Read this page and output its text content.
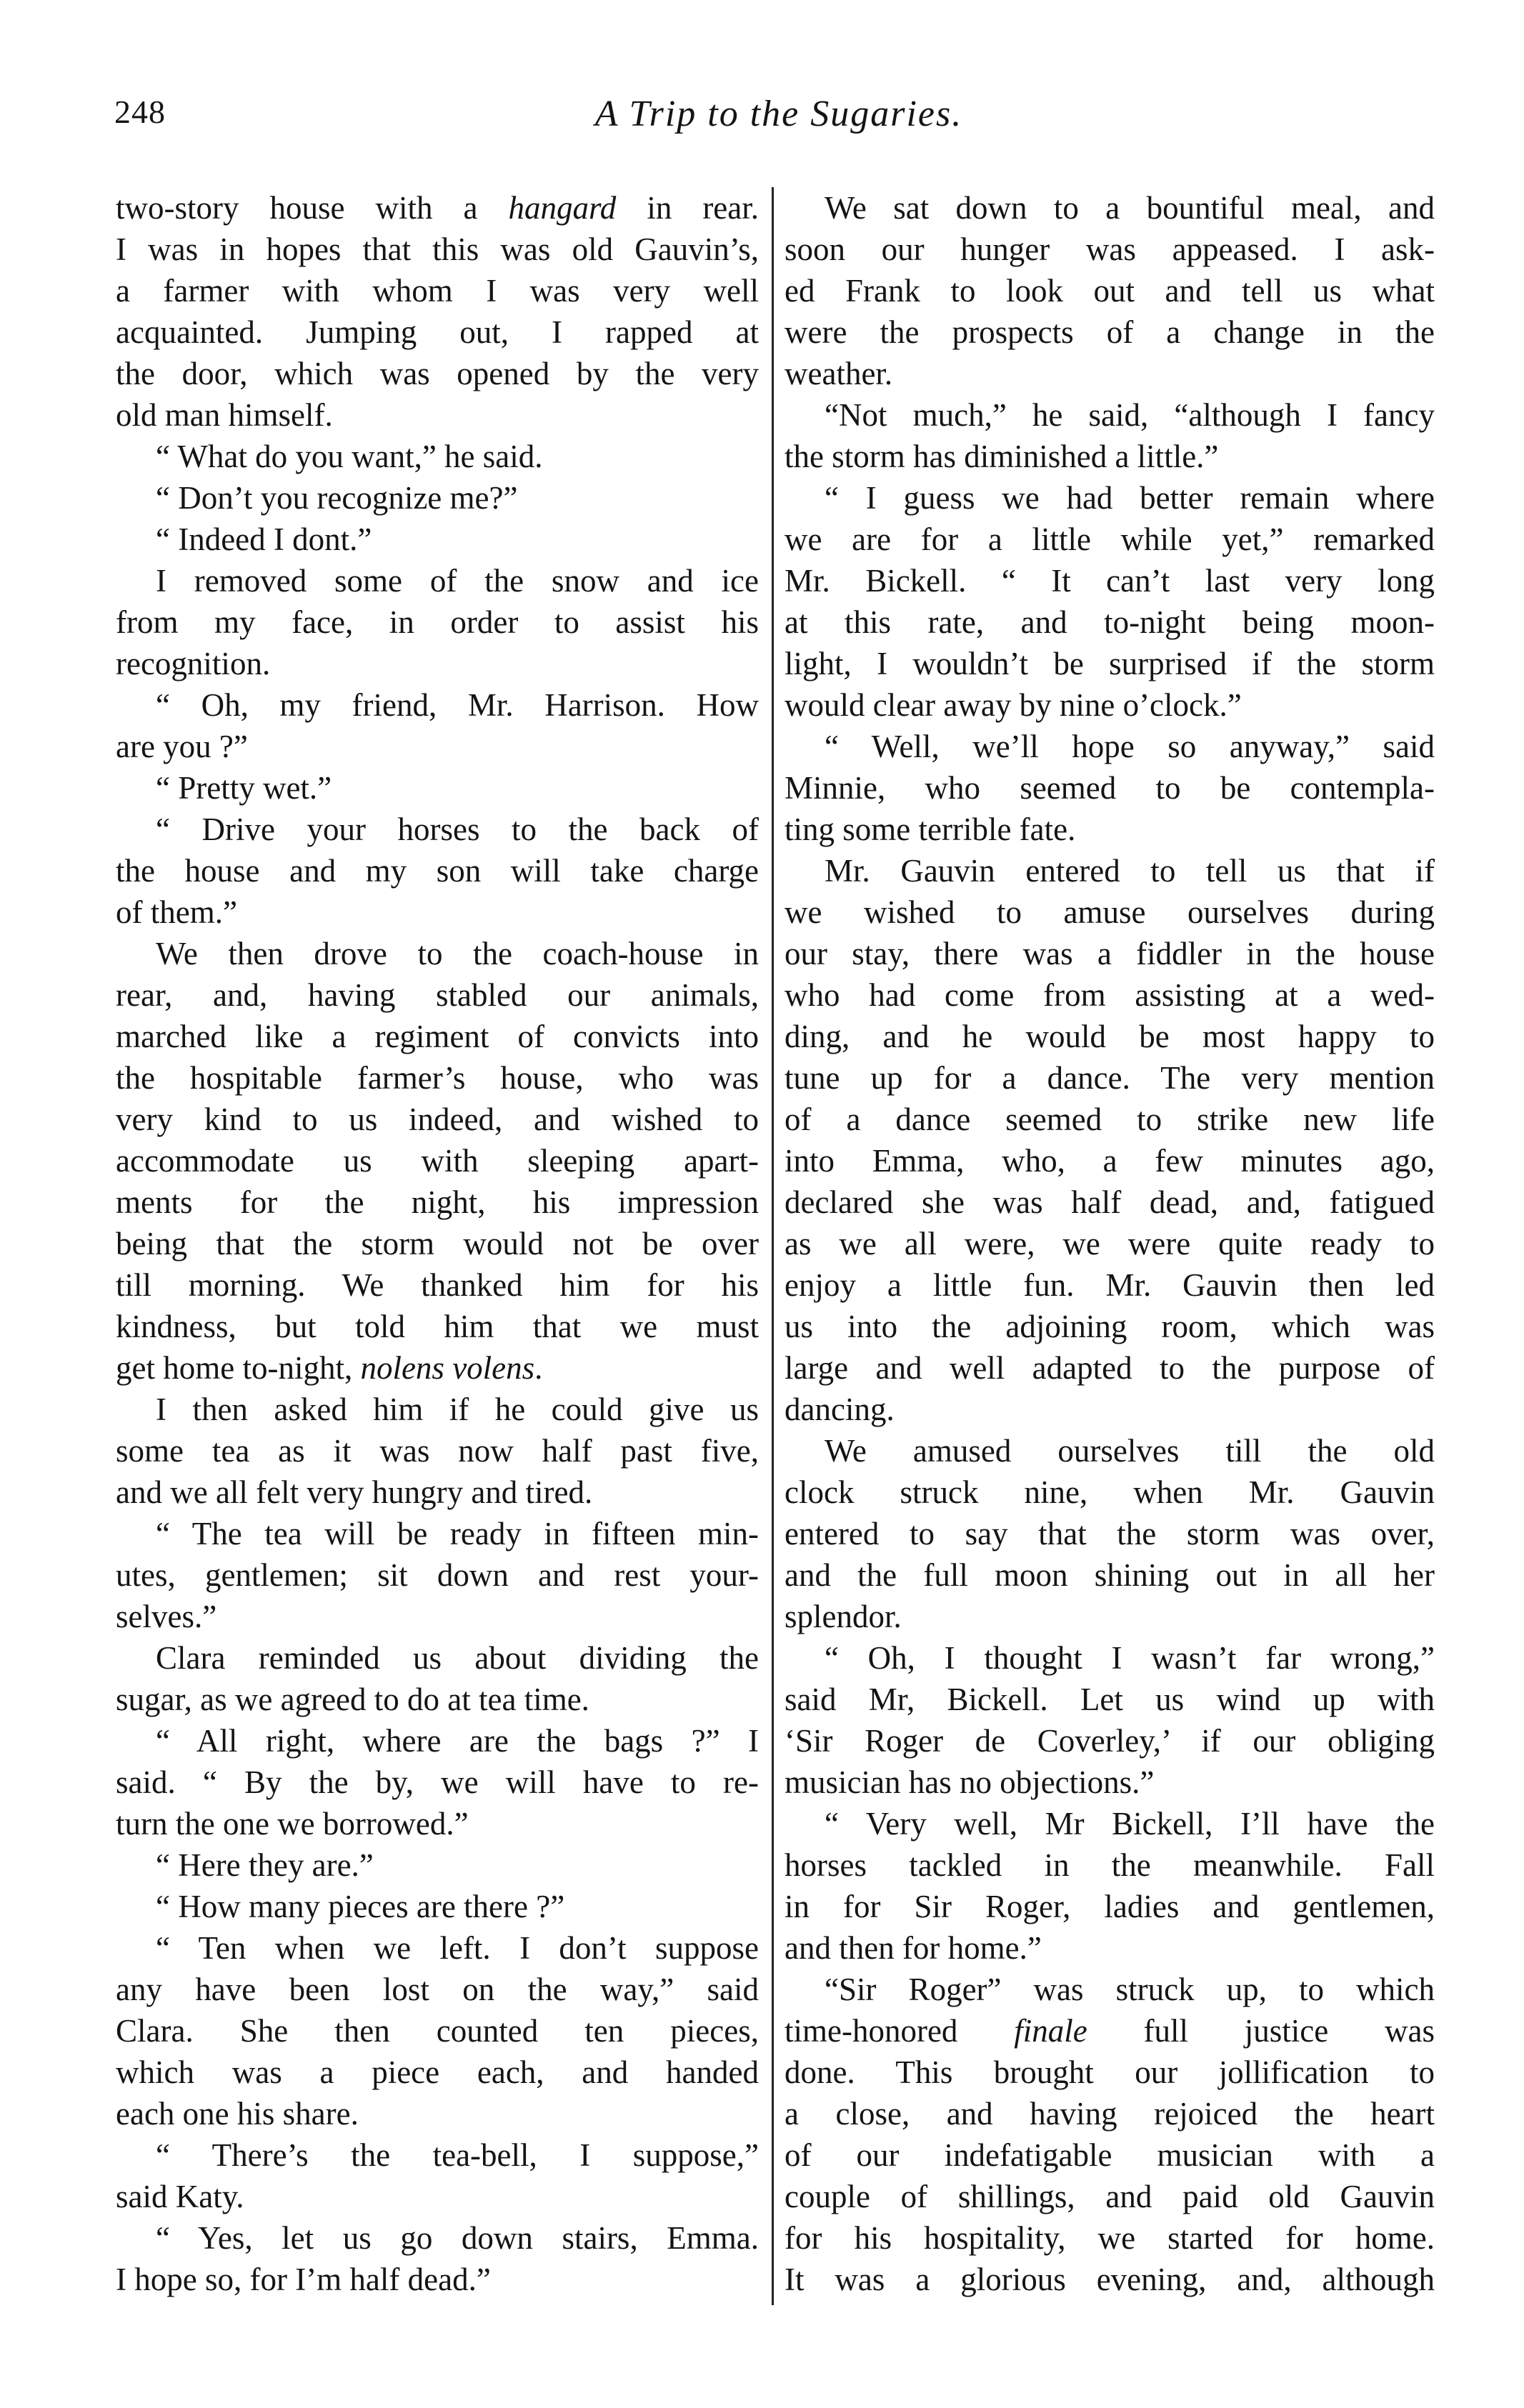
248	A Trip to the Sugaries.
two-story house with a hangard in rear.
I was in hopes that this was old Gauvin’s,
a farmer with whom I was very well
acquainted. Jumping out, I rapped at
the door, which was opened by the very
old man himself.
“ What do you want,” he said.
“ Don’t you recognize me?”
“ Indeed I dont.”
I removed some of the snow and ice
from my face, in order to assist his
recognition.
“ Oh, my friend, Mr. Harrison. How
are you ?”
“ Pretty wet.”
“ Drive your horses to the back of
the house and my son will take charge
of them.”
We then drove to the coach-house in
rear, and, having stabled our animals,
marched like a regiment of convicts into
the hospitable farmer’s house, who was
very kind to us indeed, and wished to
accommodate us with sleeping apart-
ments for the night, his impression
being that the storm would not be over
till morning. We thanked him for his
kindness, but told him that we must
get home to-night, nolens volens.
I then asked him if he could give us
some tea as it was now half past five,
and we all felt very hungry and tired.
“ The tea will be ready in fifteen min-
utes, gentlemen; sit down and rest your-
selves.”
Clara reminded us about dividing the
sugar, as we agreed to do at tea time.
“ All right, where are the bags ?” I
said. “ By the by, we will have to re-
turn the one we borrowed.”
“ Here they are.”
“ How many pieces are there ?”
“ Ten when we left. I don’t suppose
any have been lost on the way,” said
Clara. She then counted ten pieces,
which was a piece each, and handed
each one his share.
“ There’s the tea-bell, I suppose,”
said Katy.
“ Yes, let us go down stairs, Emma.
I hope so, for I’m half dead.”
We sat down to a bountiful meal, and
soon our hunger was appeased. I ask-
ed Frank to look out and tell us what
were the prospects of a change in the
weather.
“Not much,” he said, “although I fancy
the storm has diminished a little.”
“ I guess we had better remain where
we are for a little while yet,” remarked
Mr. Bickell. “ It can’t last very long
at this rate, and to-night being moon-
light, I wouldn’t be surprised if the storm
would clear away by nine o’clock.”
“ Well, we’ll hope so anyway,” said
Minnie, who seemed to be contempla-
ting some terrible fate.
Mr. Gauvin entered to tell us that if
we wished to amuse ourselves during
our stay, there was a fiddler in the house
who had come from assisting at a wed-
ding, and he would be most happy to
tune up for a dance. The very mention
of a dance seemed to strike new life
into Emma, who, a few minutes ago,
declared she was half dead, and, fatigued
as we all were, we were quite ready to
enjoy a little fun. Mr. Gauvin then led
us into the adjoining room, which was
large and well adapted to the purpose of
dancing.
We amused ourselves till the old
clock struck nine, when Mr. Gauvin
entered to say that the storm was over,
and the full moon shining out in all her
splendor.
“ Oh, I thought I wasn’t far wrong,”
said Mr, Bickell. Let us wind up with
‘Sir Roger de Coverley,’ if our obliging
musician has no objections.”
“ Very well, Mr Bickell, I’ll have the
horses tackled in the meanwhile. Fall
in for Sir Roger, ladies and gentlemen,
and then for home.”
“Sir Roger” was struck up, to which
time-honored finale full justice was
done. This brought our jollification to
a close, and having rejoiced the heart
of our indefatigable musician with a
couple of shillings, and paid old Gauvin
for his hospitality, we started for home.
It was a glorious evening, and, although
